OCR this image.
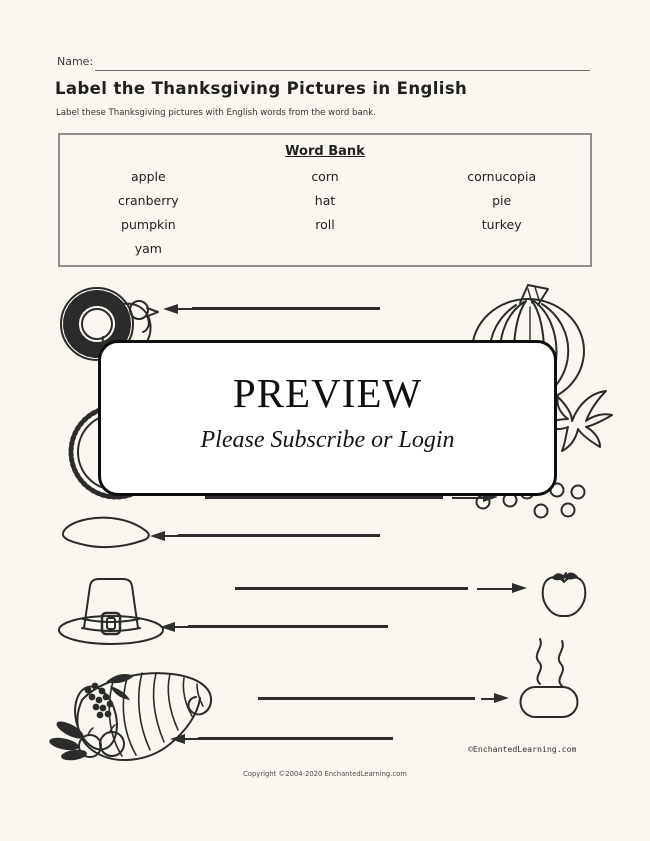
Name:
Label the Thanksgiving Pictures in English
Label these Thanksgiving pictures with English words from the word bank.
Word Bank
apple
cranberry
pumpkin
yam
corn
hat
roll
cornucopia
pie
turkey
PREVIEW
Please Subscribe or Login
©EnchantedLearning.com
Copyright ©2004-2020 EnchantedLearning.com
